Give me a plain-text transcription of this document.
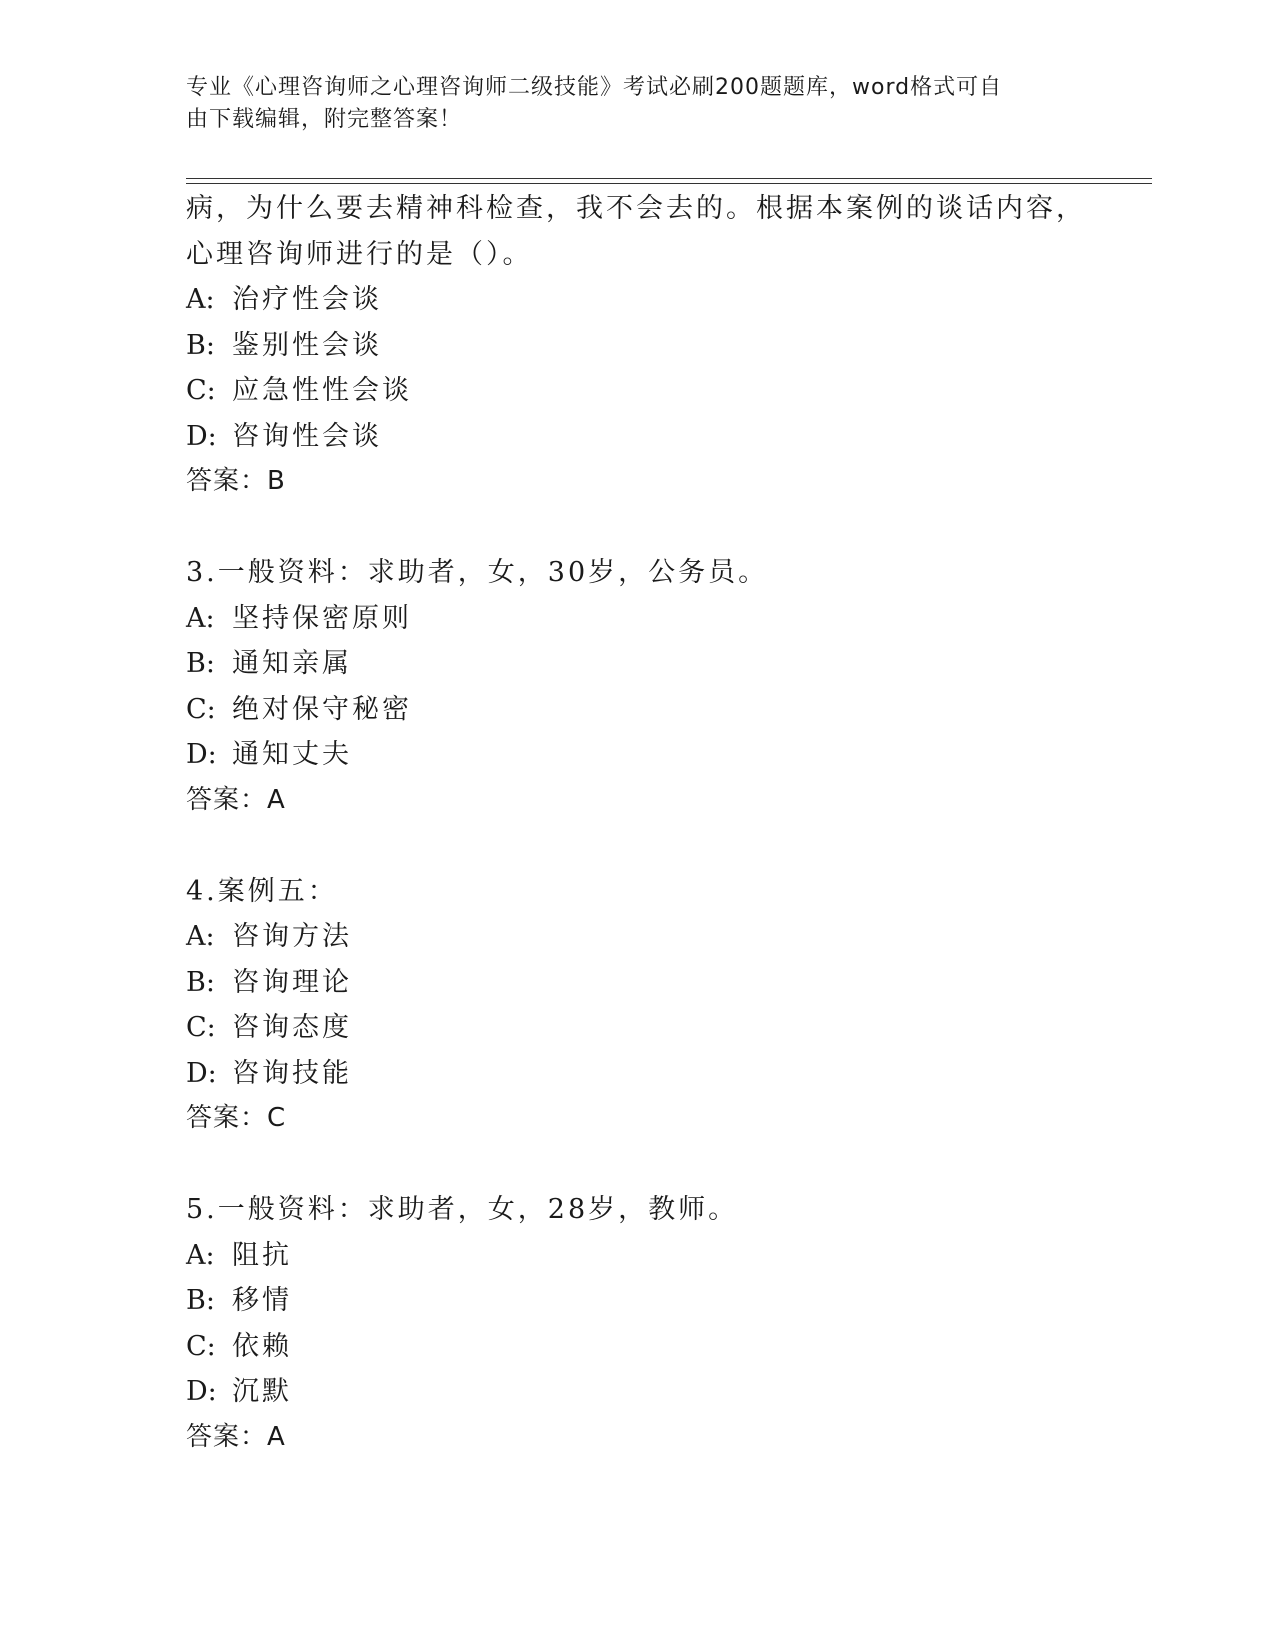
专业《心理咨询师之心理咨询师二级技能》考试必刷200题题库，word格式可自
由下载编辑，附完整答案！
病，为什么要去精神科检查，我不会去的。根据本案例的谈话内容，
心理咨询师进行的是（）。
A: 治疗性会谈
B: 鉴别性会谈
C: 应急性性会谈
D: 咨询性会谈
答案：B
3.一般资料：求助者，女，30岁，公务员。
A: 坚持保密原则
B: 通知亲属
C: 绝对保守秘密
D: 通知丈夫
答案：A
4.案例五：
A: 咨询方法
B: 咨询理论
C: 咨询态度
D: 咨询技能
答案：C
5.一般资料：求助者，女，28岁，教师。
A: 阻抗
B: 移情
C: 依赖
D: 沉默
答案：A
